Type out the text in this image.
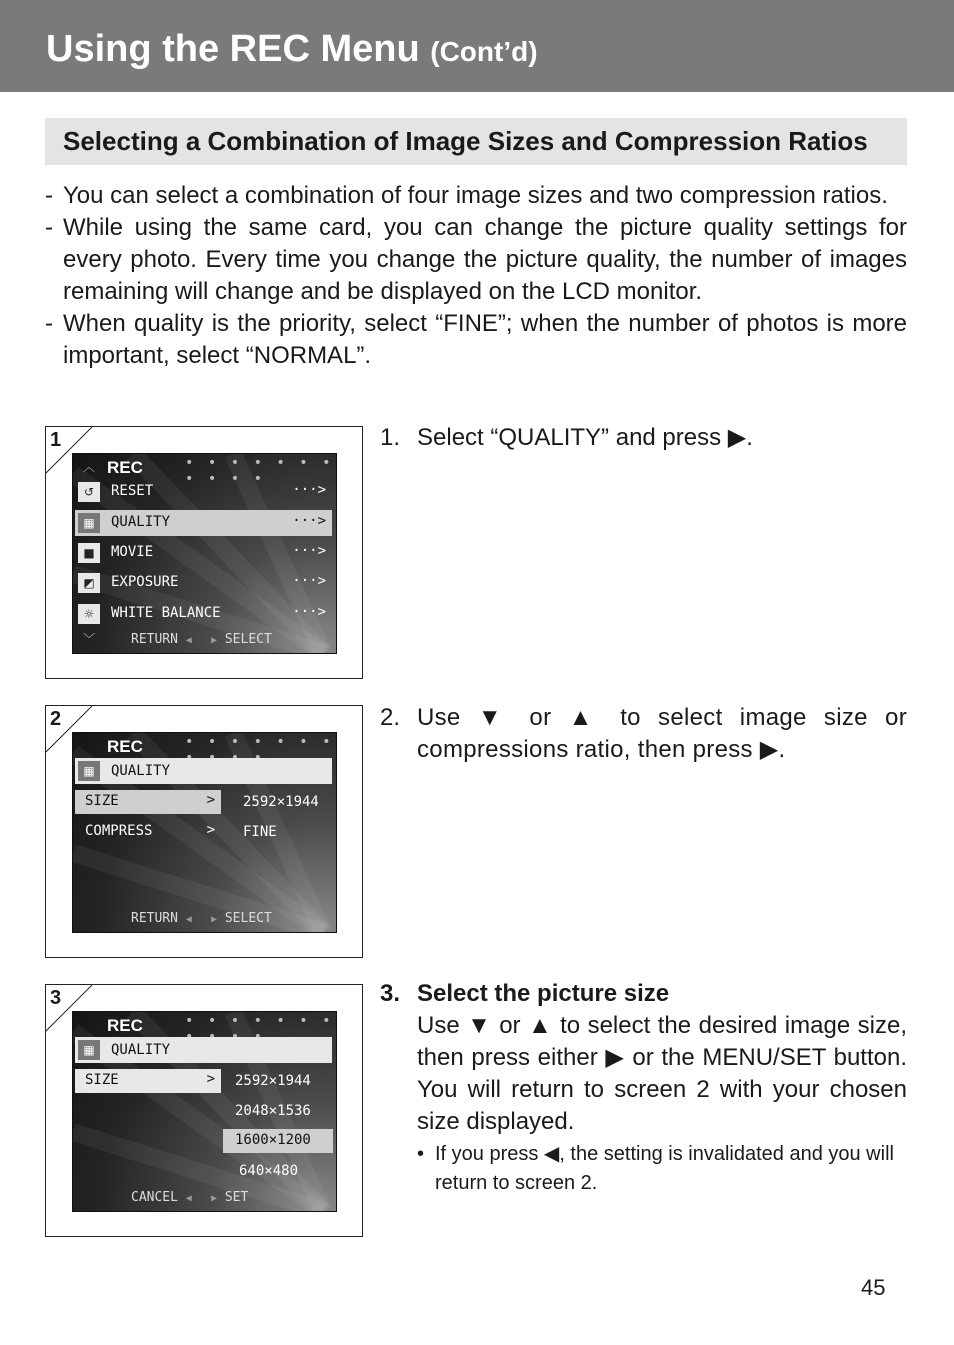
Using the REC Menu (Cont’d)
Selecting a Combination of Image Sizes and Compression Ratios
- You can select a combination of four image sizes and two compression ratios.
- While using the same card, you can change the picture quality settings for every photo. Every time you change the picture quality, the number of images remaining will change and be displayed on the LCD monitor.
- When quality is the priority, select “FINE”; when the number of photos is more important, select “NORMAL”.
1
︿ REC	• • • • • • • • • • •
↺	RESET	···>
▦	QUALITY	···>
■	MOVIE	···>
◩	EXPOSURE	···>
☼	WHITE BALANCE	···>
﹀	RETURN ◀ ▶ SELECT
2
REC	• • • • • • •
▦	QUALITY
SIZE	> 2592×1944
COMPRESS	> FINE
RETURN ◀ ▶ SELECT
3
REC	• • • • • • •
▦	QUALITY
SIZE	> 2592×1944
2048×1536
1600×1200
640×480
CANCEL ◀ ▶ SET
1. Select “QUALITY” and press ▶.
2. Use ▼ or ▲ to select image size or compressions ratio, then press ▶.
3. Select the picture size
Use ▼ or ▲ to select the desired image size, then press either ▶ or the MENU/SET button. You will return to screen 2 with your chosen size displayed.
• If you press ◀, the setting is invalidated and you will return to screen 2.
45
